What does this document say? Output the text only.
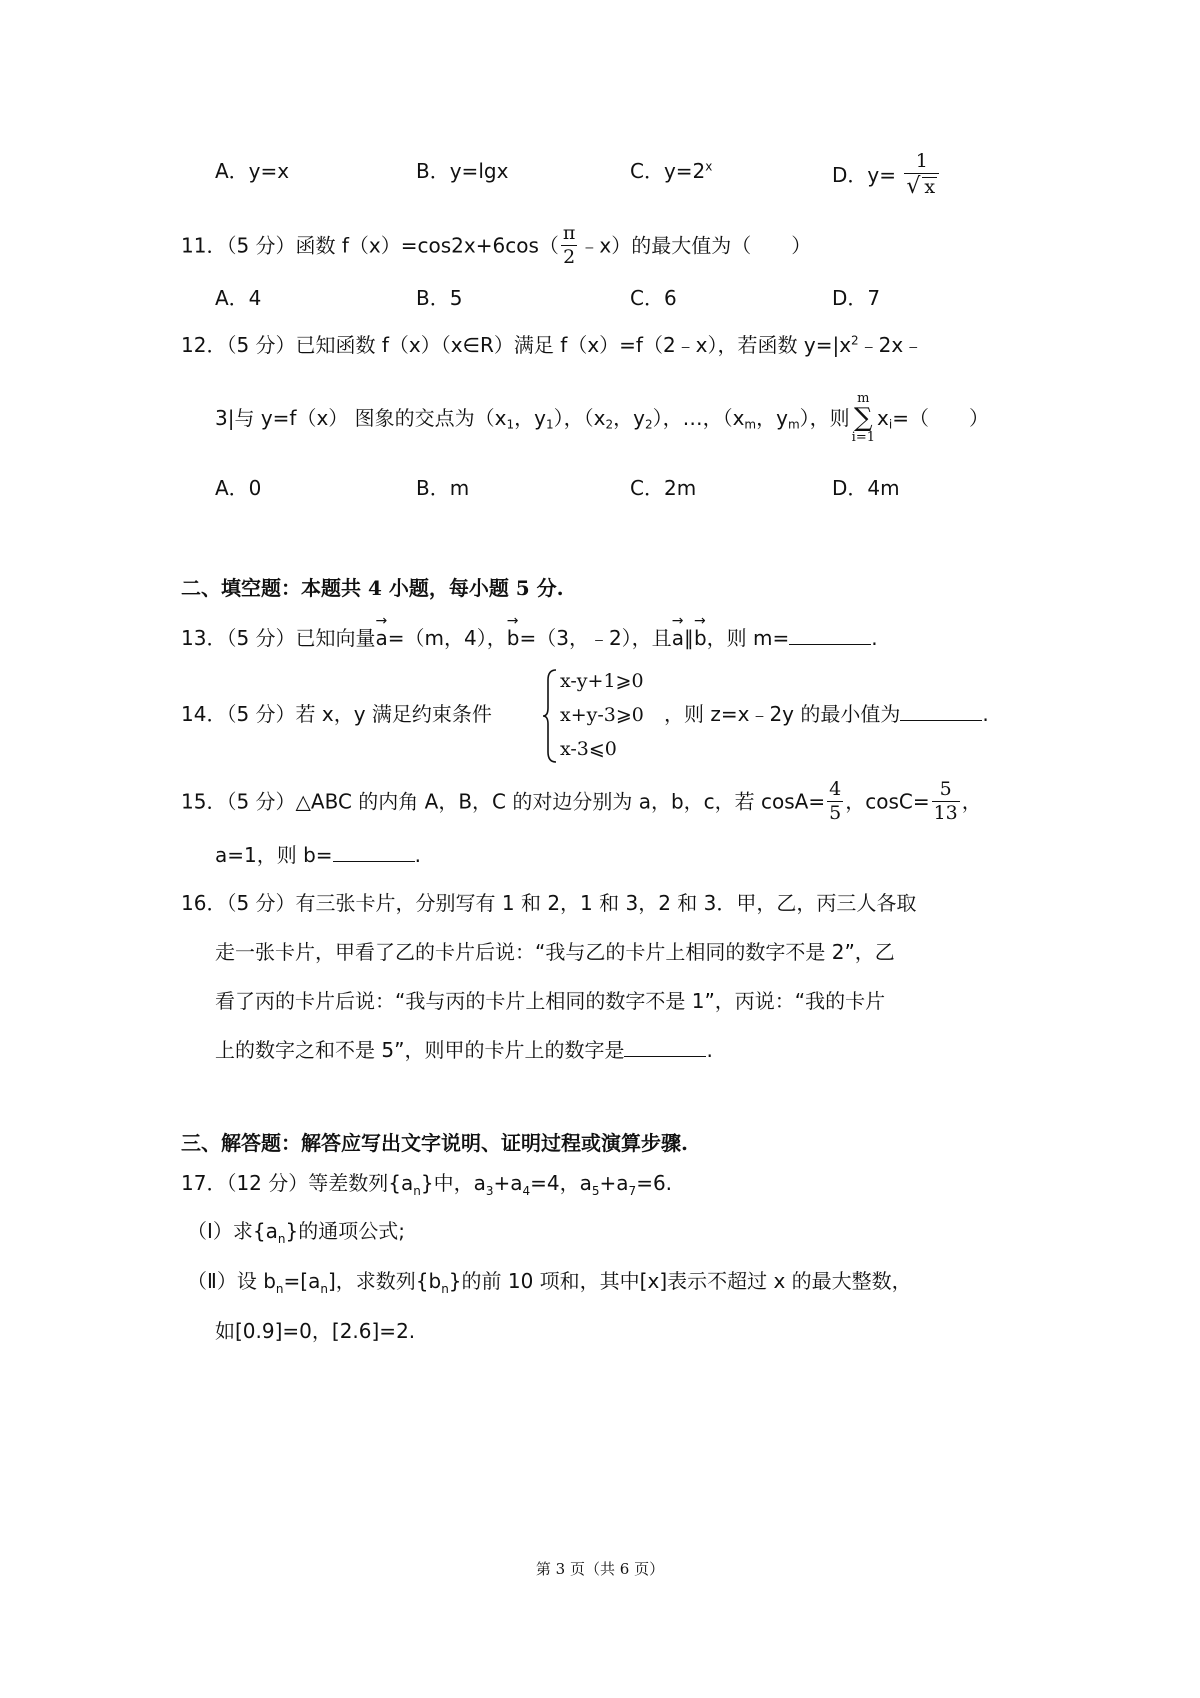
A．y=x	B．y=lgx	C．$y=2^x$	D．$y= \frac{1}{√ x}$
11．（5 分）函数 $f(x)=\cos 2x+6\cos( \frac{\pi}{2}$ ﹣x）的最大值为（　　）
A．4	B．5	C．6	D．7
12．（5 分）已知函数 f（x）（x∈R）满足 f（x）=f（2﹣x），若函数 $y=|x^2﹣2x﹣$
3|与 y=f（x） 图象的交点为（$x_1$，$y_1$），（$x_2$，$y_2$），…，（$x_m$，$y_m$），则
m
∑
i=1
$x_i=$（　　）
A．0	B．m	C．2m	D．4m
二、填空题：本题共 4 小题，每小题 5 分.
13．（5 分）已知向量
→
a=（m，4），
→
b=（3，﹣2），且
→
a∥
→
b，则 m=	.
14．（5 分）若 x，y 满足约束条件
x-y+1⩾0
x+y-3⩾0
x-3⩽0
，则 z=x﹣2y 的最小值为	.
15．（5 分）△ABC 的内角 A，B，C 的对边分别为 a，b，c，若 $\cos A= \frac{4}{5}$ ，$\cos C= \frac{5}{13}$ ，
a=1，则 b=	.
16．（5 分）有三张卡片，分别写有 1 和 2，1 和 3，2 和 3．甲，乙，丙三人各取
走一张卡片，甲看了乙的卡片后说：“我与乙的卡片上相同的数字不是 2”，乙
看了丙的卡片后说：“我与丙的卡片上相同的数字不是 1”，丙说：“我的卡片
上的数字之和不是 5”，则甲的卡片上的数字是	.
三、解答题：解答应写出文字说明、证明过程或演算步骤.
17．（12 分）等差数列$\{a_n\}$中，$a_3+a_4=4$，$a_5+a_7=6$.
（Ⅰ）求$\{a_n\}$的通项公式;
（Ⅱ）设 $b_n=[a_n]$，求数列$\{b_n\}$的前 10 项和，其中[x]表示不超过 x 的最大整数，
如[0.9]=0，[2.6]=2.
第 3 页（共 6 页）
